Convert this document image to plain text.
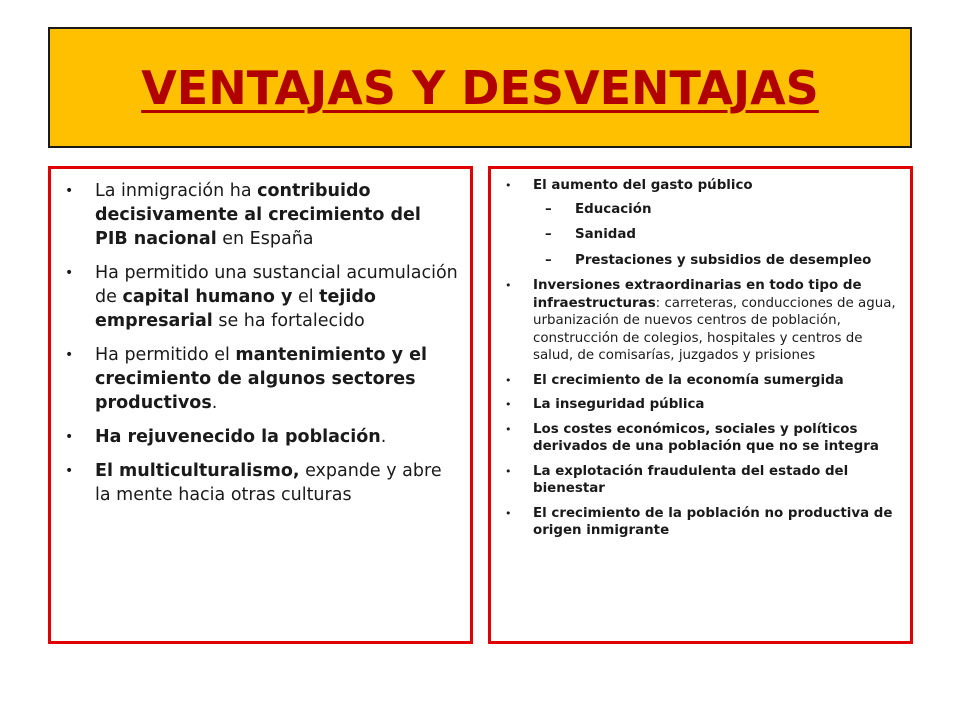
VENTAJAS Y DESVENTAJAS
• La inmigración ha contribuido decisivamente al crecimiento del PIB nacional en España
• Ha permitido una sustancial acumulación de capital humano y el tejido empresarial se ha fortalecido
• Ha permitido el mantenimiento y el crecimiento de algunos sectores productivos.
• Ha rejuvenecido la población.
• El multiculturalismo, expande y abre la mente hacia otras culturas
• El aumento del gasto público
– Educación
– Sanidad
– Prestaciones y subsidios de desempleo
• Inversiones extraordinarias en todo tipo de infraestructuras: carreteras, conducciones de agua, urbanización de nuevos centros de población, construcción de colegios, hospitales y centros de salud, de comisarías, juzgados y prisiones
• El crecimiento de la economía sumergida
• La inseguridad pública
• Los costes económicos, sociales y políticos derivados de una población que no se integra
• La explotación fraudulenta del estado del bienestar
• El crecimiento de la población no productiva de origen inmigrante
